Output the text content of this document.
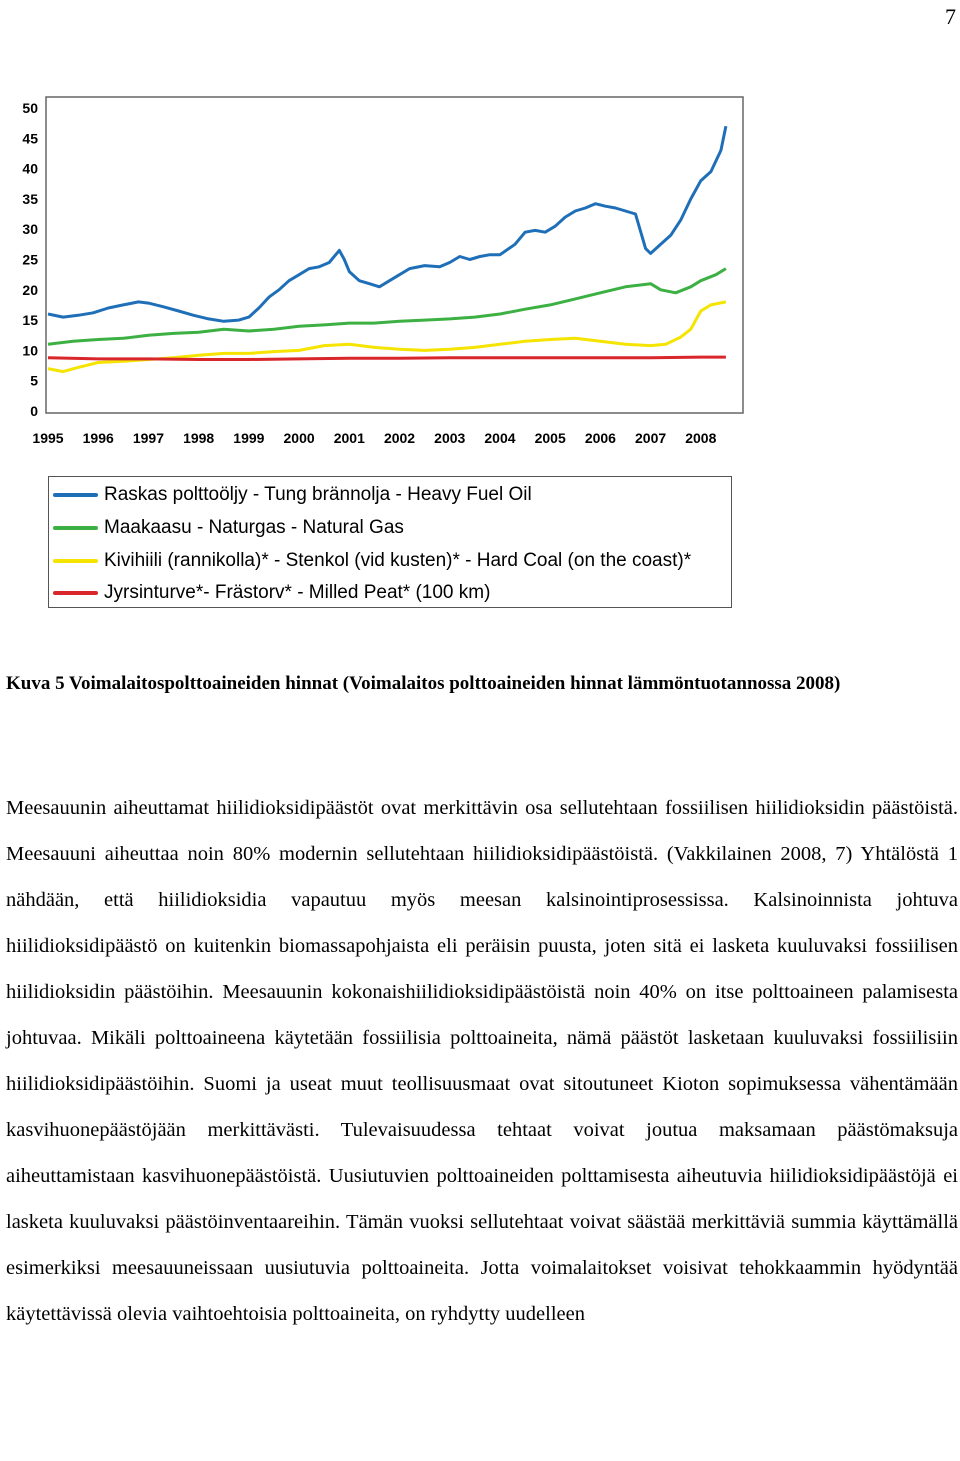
7
0
5
10
15
20
25
30
35
40
45
50
1995 1996 1997 1998 1999 2000 2001 2002 2003 2004 2005 2006 2007 2008
Raskas polttoöljy - Tung brännolja - Heavy Fuel Oil
Maakaasu - Naturgas - Natural Gas
Kivihiili (rannikolla)* - Stenkol (vid kusten)* - Hard Coal (on the coast)*
Jyrsinturve*- Frästorv* - Milled Peat* (100 km)

Kuva 5 Voimalaitospolttoaineiden hinnat (Voimalaitos polttoaineiden hinnat lämmöntuotannossa 2008)

Meesauunin aiheuttamat hiilidioksidipäästöt ovat merkittävin osa sellutehtaan fossiilisen hiilidioksidin päästöistä. Meesauuni aiheuttaa noin 80% modernin sellutehtaan hiilidioksidipäästöistä. (Vakkilainen 2008, 7) Yhtälöstä 1 nähdään, että hiilidioksidia vapautuu myös meesan kalsinointiprosessissa. Kalsinoinnista johtuva hiilidioksidipäästö on kuitenkin biomassapohjaista eli peräisin puusta, joten sitä ei lasketa kuuluvaksi fossiilisen hiilidioksidin päästöihin. Meesauunin kokonaishiilidioksidipäästöistä noin 40% on itse polttoaineen palamisesta johtuvaa. Mikäli polttoaineena käytetään fossiilisia polttoaineita, nämä päästöt lasketaan kuuluvaksi fossiilisiin hiilidioksidipäästöihin. Suomi ja useat muut teollisuusmaat ovat sitoutuneet Kioton sopimuksessa vähentämään kasvihuonepäästöjään merkittävästi. Tulevaisuudessa tehtaat voivat joutua maksamaan päästömaksuja aiheuttamistaan kasvihuonepäästöistä. Uusiutuvien polttoaineiden polttamisesta aiheutuvia hiilidioksidipäästöjä ei lasketa kuuluvaksi päästöinventaareihin. Tämän vuoksi sellutehtaat voivat säästää merkittäviä summia käyttämällä esimerkiksi meesauuneissaan uusiutuvia polttoaineita. Jotta voimalaitokset voisivat tehokkaammin hyödyntää käytettävissä olevia vaihtoehtoisia polttoaineita, on ryhdytty uudelleen
